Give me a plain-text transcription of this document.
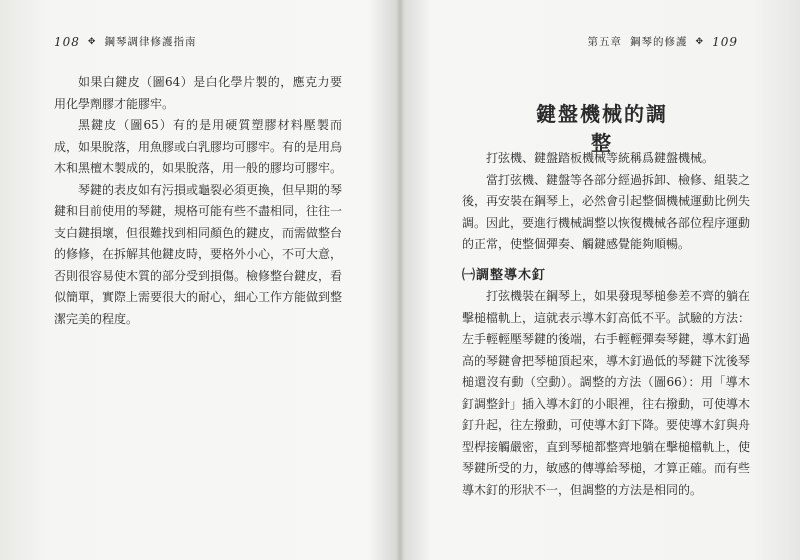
108 ✥ 鋼琴調律修護指南

如果白鍵皮（圖64）是白化學片製的，應克力要用化學劑膠才能膠牢。

黑鍵皮（圖65）有的是用硬質塑膠材料壓製而成，如果脫落，用魚膠或白乳膠均可膠牢。有的是用烏木和黑檀木製成的，如果脫落，用一般的膠均可膠牢。

琴鍵的表皮如有污損或龜裂必須更換，但早期的琴鍵和目前使用的琴鍵，規格可能有些不盡相同，往往一支白鍵損壞，但很難找到相同顏色的鍵皮，而需做整台的修修，在拆解其他鍵皮時，要格外小心，不可大意，否則很容易使木質的部分受到損傷。檢修整台鍵皮，看似簡單，實際上需要很大的耐心，細心工作方能做到整潔完美的程度。

第五章 鋼琴的修護 ✥ 109
鍵盤機械的調整

打弦機、鍵盤踏板機械等統稱爲鍵盤機械。

當打弦機、鍵盤等各部分經過拆卸、檢修、組裝之後，再安裝在鋼琴上，必然會引起整個機械運動比例失調。因此，要進行機械調整以恢復機械各部位程序運動的正常，使整個彈奏、觸鍵感覺能夠順暢。

㈠調整導木釘

打弦機裝在鋼琴上，如果發現琴槌參差不齊的躺在擊槌檔軌上，這就表示導木釘高低不平。試驗的方法：左手輕輕壓琴鍵的後端，右手輕輕彈奏琴鍵，導木釘過高的琴鍵會把琴槌頂起來，導木釘過低的琴鍵下沈後琴槌還沒有動（空動）。調整的方法（圖66）：用「導木釘調整針」插入導木釘的小眼裡，往右撥動，可使導木釘升起，往左撥動，可使導木釘下降。要使導木釘與舟型桿接觸嚴密，直到琴槌都整齊地躺在擊槌檔軌上，使琴鍵所受的力，敏感的傳導給琴槌，才算正確。而有些導木釘的形狀不一，但調整的方法是相同的。
